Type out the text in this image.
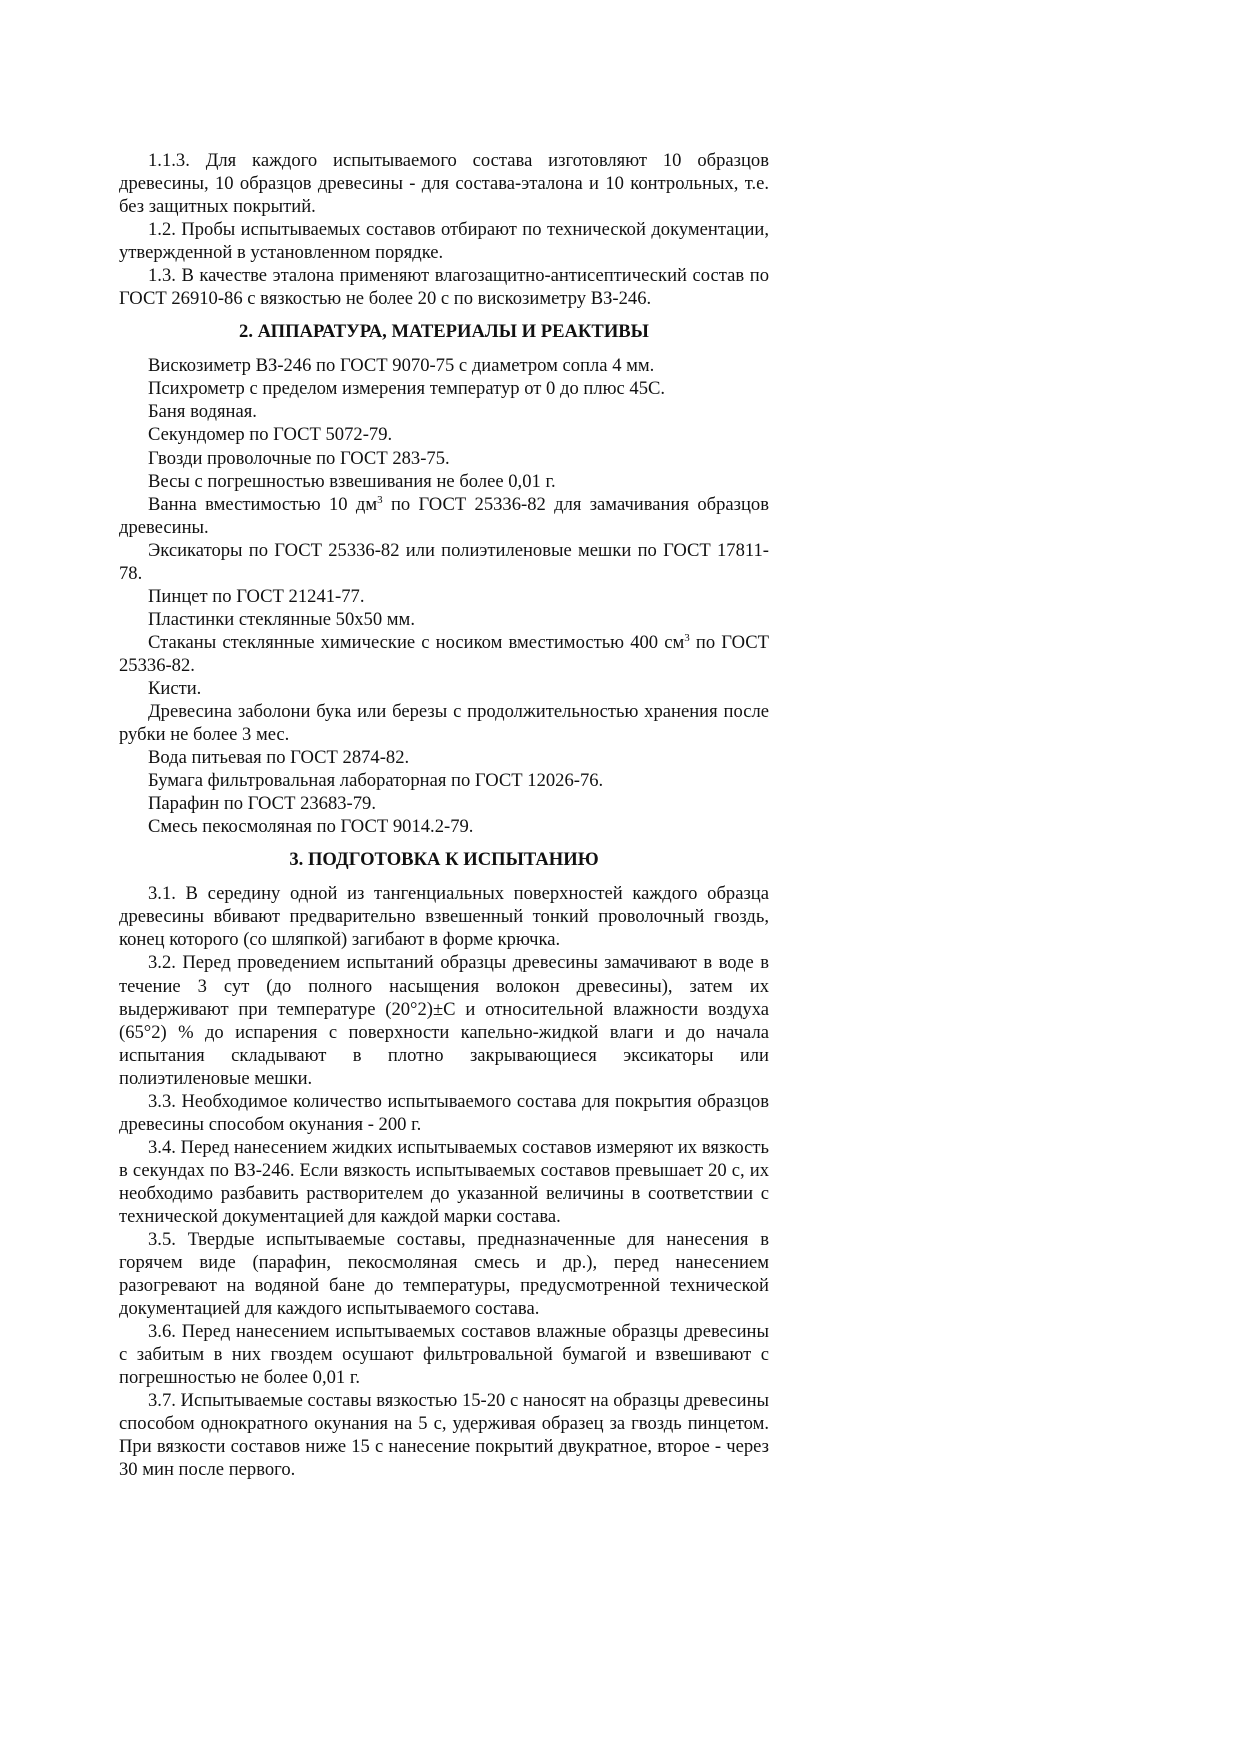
1.1.3. Для каждого испытываемого состава изготовляют 10 образцов древесины, 10 образцов древесины - для состава-эталона и 10 контрольных, т.е. без защитных покрытий.

1.2. Пробы испытываемых составов отбирают по технической документации, утвержденной в установленном порядке.

1.3. В качестве эталона применяют влагозащитно-антисептический состав по ГОСТ 26910-86 с вязкостью не более 20 с по вискозиметру ВЗ-246.

2. АППАРАТУРА, МАТЕРИАЛЫ И РЕАКТИВЫ

Вискозиметр ВЗ-246 по ГОСТ 9070-75 с диаметром сопла 4 мм.

Психрометр с пределом измерения температур от 0 до плюс 45С.

Баня водяная.

Секундомер по ГОСТ 5072-79.

Гвозди проволочные по ГОСТ 283-75.

Весы с погрешностью взвешивания не более 0,01 г.

Ванна вместимостью 10 $дм^3$ по ГОСТ 25336-82 для замачивания образцов древесины.

Эксикаторы по ГОСТ 25336-82 или полиэтиленовые мешки по ГОСТ 17811-78.

Пинцет по ГОСТ 21241-77.

Пластинки стеклянные 50х50 мм.

Стаканы стеклянные химические с носиком вместимостью 400 $см^3$ по ГОСТ 25336-82.

Кисти.

Древесина заболони бука или березы с продолжительностью хранения после рубки не более 3 мес.

Вода питьевая по ГОСТ 2874-82.

Бумага фильтровальная лабораторная по ГОСТ 12026-76.

Парафин по ГОСТ 23683-79.

Смесь пекосмоляная по ГОСТ 9014.2-79.

3. ПОДГОТОВКА К ИСПЫТАНИЮ

3.1. В середину одной из тангенциальных поверхностей каждого образца древесины вбивают предварительно взвешенный тонкий проволочный гвоздь, конец которого (со шляпкой) загибают в форме крючка.

3.2. Перед проведением испытаний образцы древесины замачивают в воде в течение 3 сут (до полного насыщения волокон древесины), затем их выдерживают при температуре (20°2)±С и относительной влажности воздуха (65°2) % до испарения с поверхности капельно-жидкой влаги и до начала испытания складывают в плотно закрывающиеся эксикаторы или полиэтиленовые мешки.

3.3. Необходимое количество испытываемого состава для покрытия образцов древесины способом окунания - 200 г.

3.4. Перед нанесением жидких испытываемых составов измеряют их вязкость в секундах по ВЗ-246. Если вязкость испытываемых составов превышает 20 с, их необходимо разбавить растворителем до указанной величины в соответствии с технической документацией для каждой марки состава.

3.5. Твердые испытываемые составы, предназначенные для нанесения в горячем виде (парафин, пекосмоляная смесь и др.), перед нанесением разогревают на водяной бане до температуры, предусмотренной технической документацией для каждого испытываемого состава.

3.6. Перед нанесением испытываемых составов влажные образцы древесины с забитым в них гвоздем осушают фильтровальной бумагой и взвешивают с погрешностью не более 0,01 г.

3.7. Испытываемые составы вязкостью 15-20 с наносят на образцы древесины способом однократного окунания на 5 с, удерживая образец за гвоздь пинцетом. При вязкости составов ниже 15 с нанесение покрытий двукратное, второе - через 30 мин после первого.
